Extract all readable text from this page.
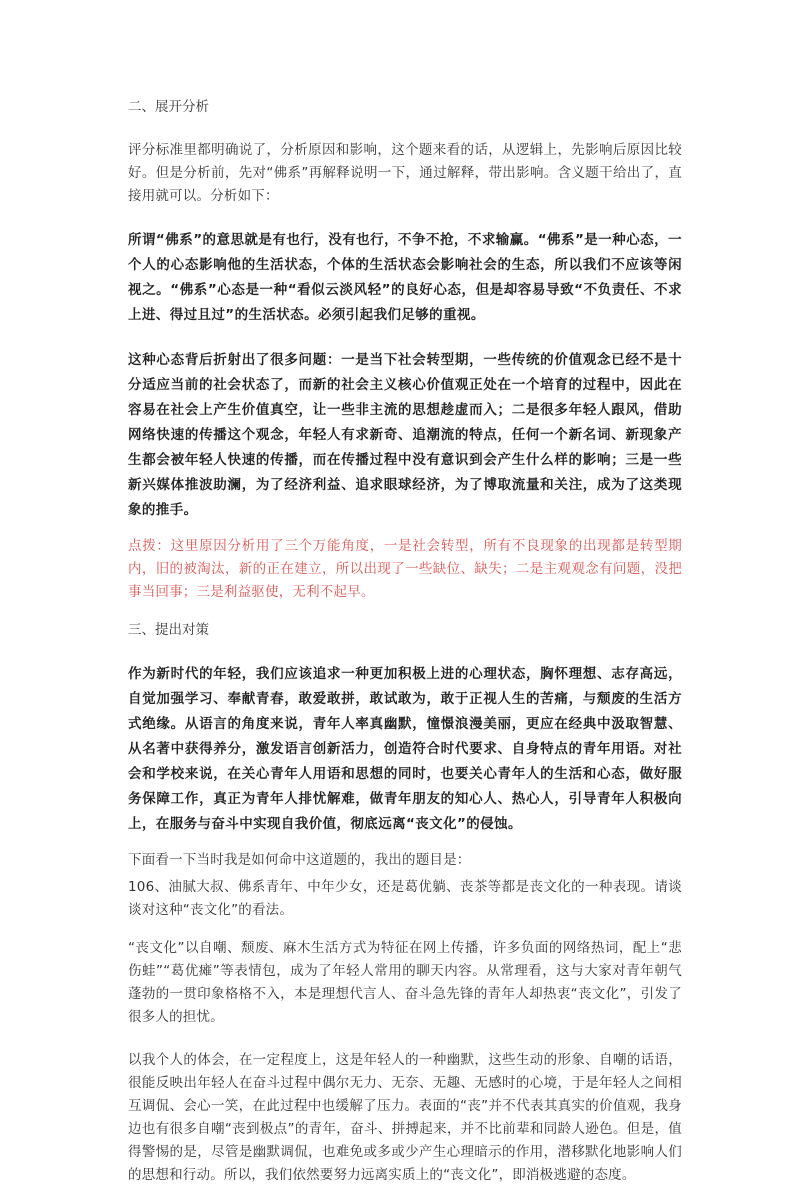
二、展开分析

评分标准里都明确说了，分析原因和影响，这个题来看的话，从逻辑上，先影响后原因比较好。但是分析前，先对“佛系”再解释说明一下，通过解释，带出影响。含义题干给出了，直接用就可以。分析如下：

所谓“佛系”的意思就是有也行，没有也行，不争不抢，不求输赢。“佛系”是一种心态，一个人的心态影响他的生活状态，个体的生活状态会影响社会的生态，所以我们不应该等闲视之。“佛系”心态是一种“看似云淡风轻”的良好心态，但是却容易导致“不负责任、不求上进、得过且过”的生活状态。必须引起我们足够的重视。

这种心态背后折射出了很多问题：一是当下社会转型期，一些传统的价值观念已经不是十分适应当前的社会状态了，而新的社会主义核心价值观正处在一个培育的过程中，因此在容易在社会上产生价值真空，让一些非主流的思想趁虚而入；二是很多年轻人跟风，借助网络快速的传播这个观念，年轻人有求新奇、追潮流的特点，任何一个新名词、新现象产生都会被年轻人快速的传播，而在传播过程中没有意识到会产生什么样的影响；三是一些新兴媒体推波助澜，为了经济利益、追求眼球经济，为了博取流量和关注，成为了这类现象的推手。

点拨：这里原因分析用了三个万能角度，一是社会转型，所有不良现象的出现都是转型期内，旧的被淘汰，新的正在建立，所以出现了一些缺位、缺失；二是主观观念有问题，没把事当回事；三是利益驱使，无利不起早。

三、提出对策

作为新时代的年轻，我们应该追求一种更加积极上进的心理状态，胸怀理想、志存高远，自觉加强学习、奉献青春，敢爱敢拼，敢试敢为，敢于正视人生的苦痛，与颓废的生活方式绝缘。从语言的角度来说，青年人率真幽默，憧憬浪漫美丽，更应在经典中汲取智慧、从名著中获得养分，激发语言创新活力，创造符合时代要求、自身特点的青年用语。对社会和学校来说，在关心青年人用语和思想的同时，也要关心青年人的生活和心态，做好服务保障工作，真正为青年人排忧解难，做青年朋友的知心人、热心人，引导青年人积极向上，在服务与奋斗中实现自我价值，彻底远离“丧文化”的侵蚀。

下面看一下当时我是如何命中这道题的，我出的题目是：

106、油腻大叔、佛系青年、中年少女，还是葛优躺、丧茶等都是丧文化的一种表现。请谈谈对这种“丧文化”的看法。

“丧文化”以自嘲、颓废、麻木生活方式为特征在网上传播，许多负面的网络热词，配上“悲伤蛙”“葛优瘫”等表情包，成为了年轻人常用的聊天内容。从常理看，这与大家对青年朝气蓬勃的一贯印象格格不入，本是理想代言人、奋斗急先锋的青年人却热衷“丧文化”，引发了很多人的担忧。

以我个人的体会，在一定程度上，这是年轻人的一种幽默，这些生动的形象、自嘲的话语，很能反映出年轻人在奋斗过程中偶尔无力、无奈、无趣、无感时的心境，于是年轻人之间相互调侃、会心一笑，在此过程中也缓解了压力。表面的“丧”并不代表其真实的价值观，我身边也有很多自嘲“丧到极点”的青年，奋斗、拼搏起来，并不比前辈和同龄人逊色。但是，值得警惕的是，尽管是幽默调侃，也难免或多或少产生心理暗示的作用，潜移默化地影响人们的思想和行动。所以，我们依然要努力远离实质上的“丧文化”，即消极逃避的态度。
